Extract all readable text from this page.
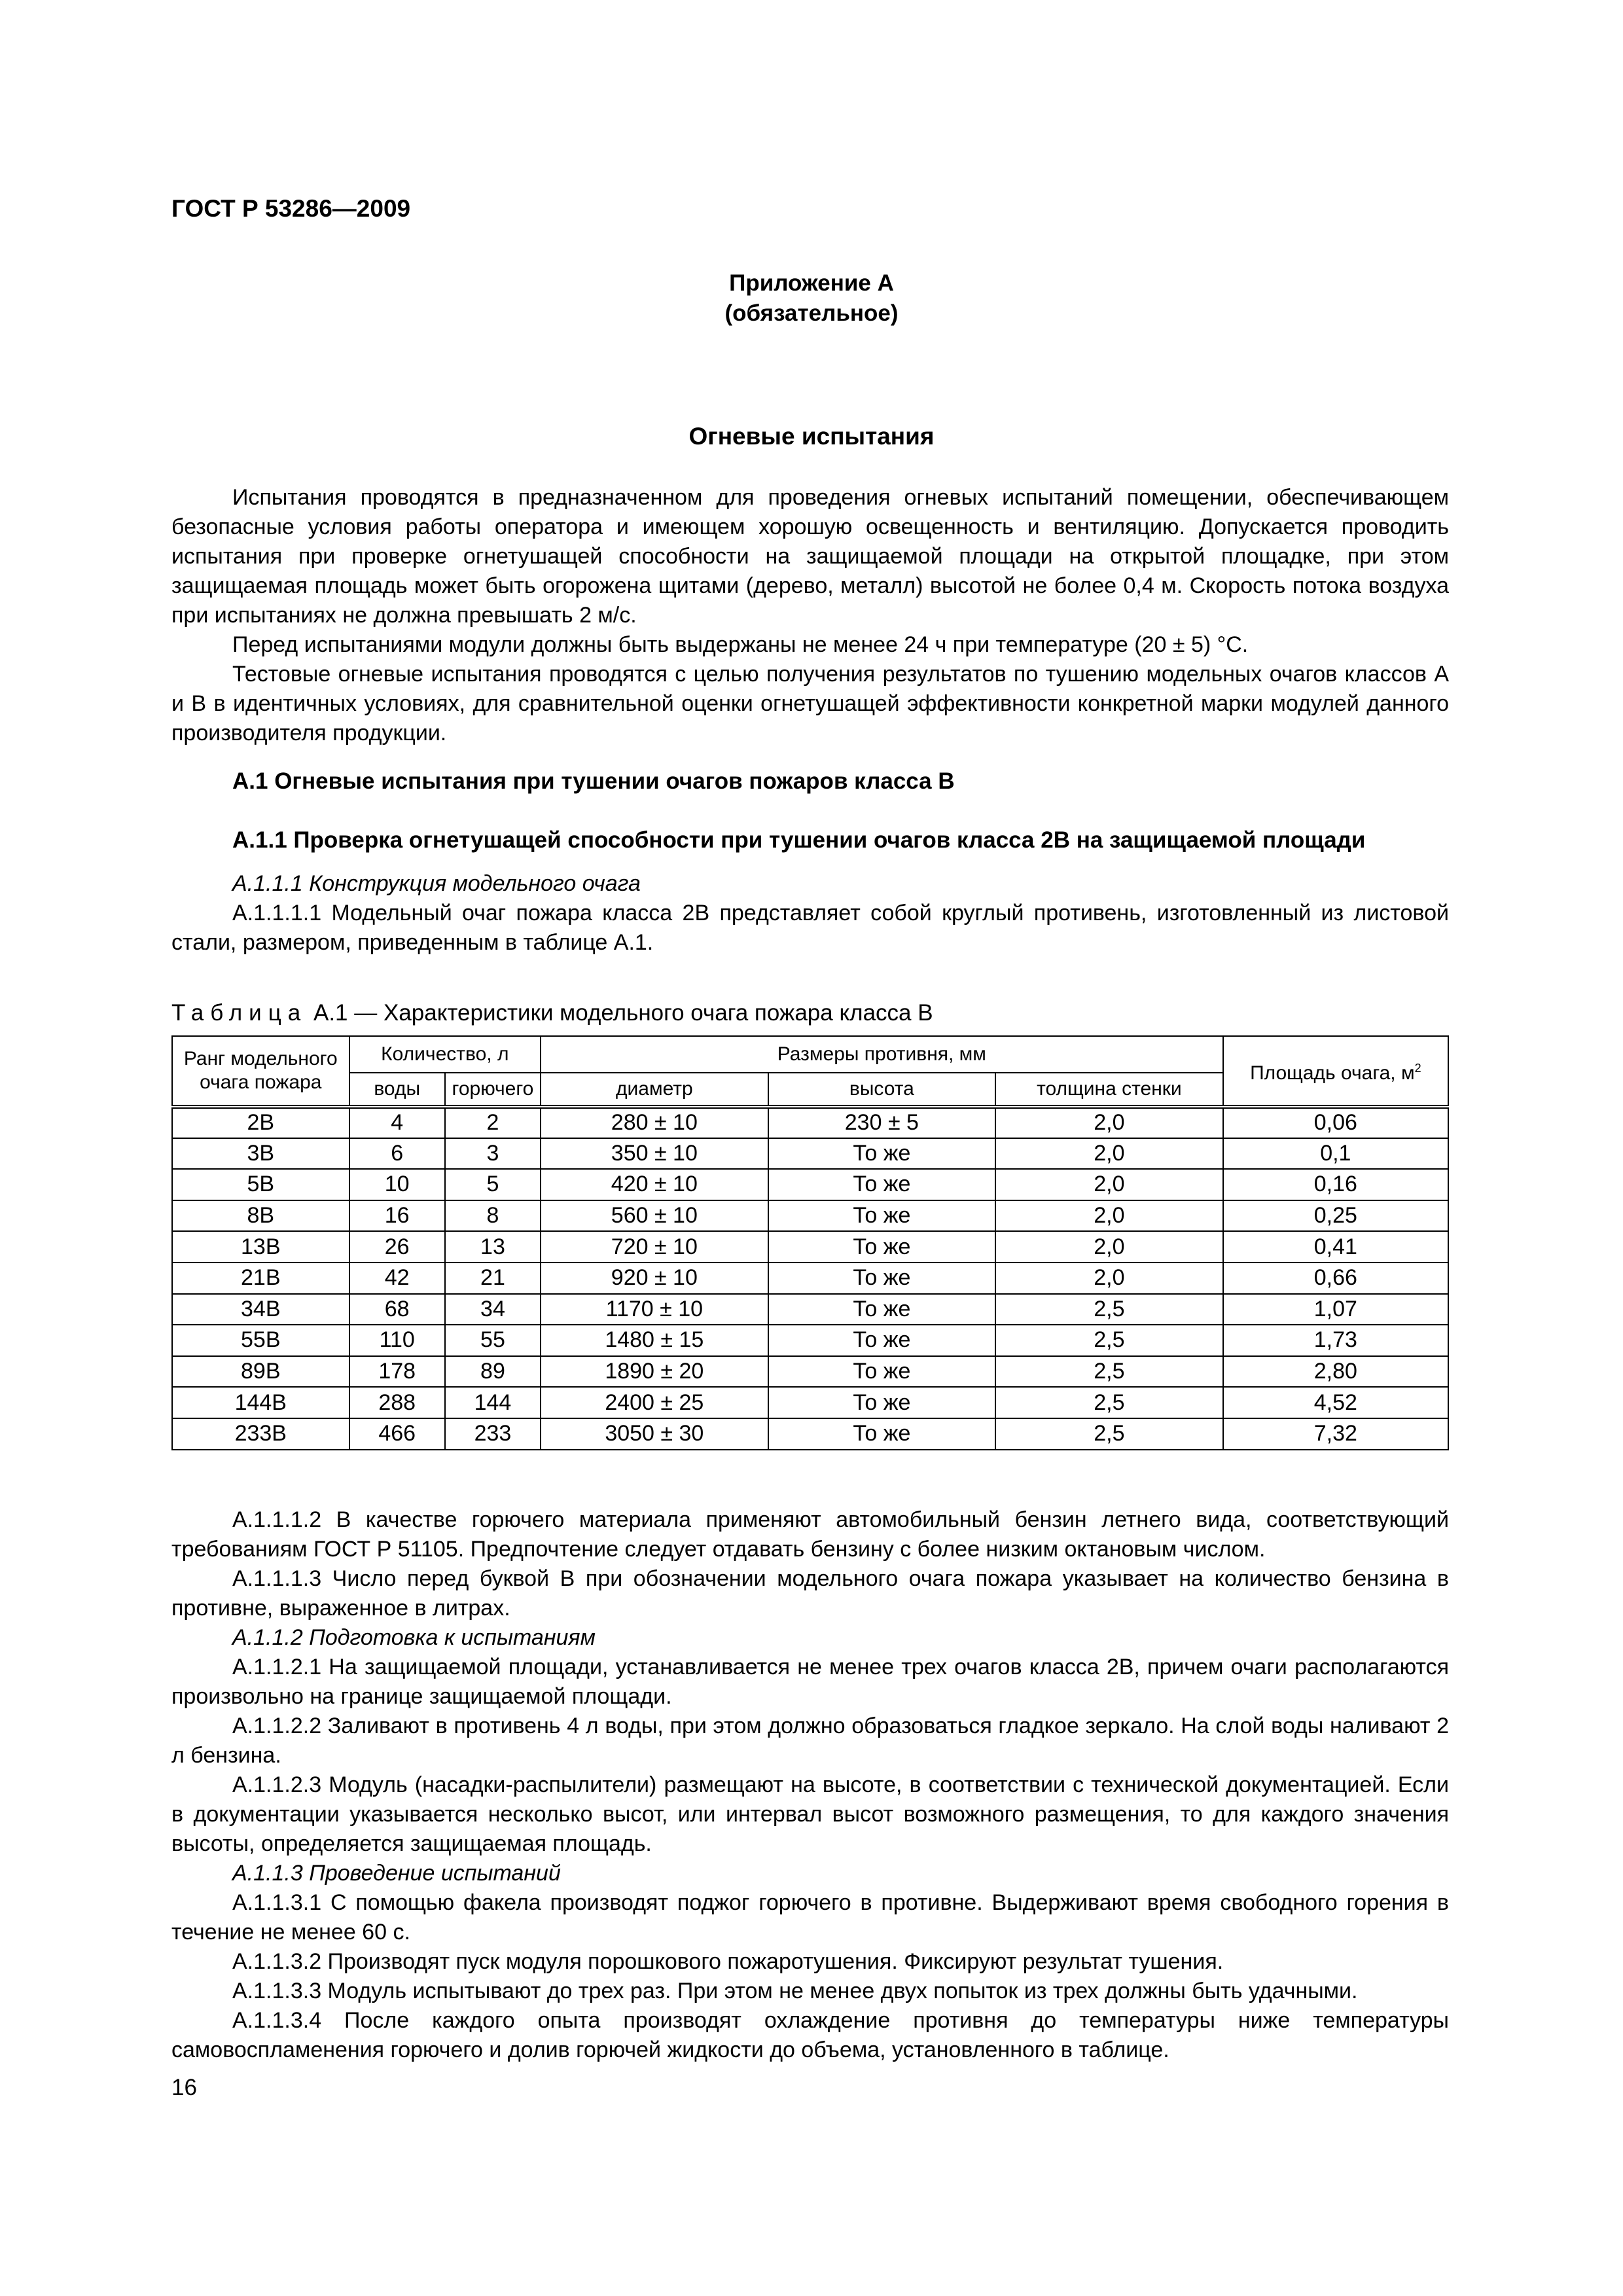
ГОСТ Р 53286—2009
Приложение А
(обязательное)
Огневые испытания

Испытания проводятся в предназначенном для проведения огневых испытаний помещении, обеспечивающем безопасные условия работы оператора и имеющем хорошую освещенность и вентиляцию. Допускается проводить испытания при проверке огнетушащей способности на защищаемой площади на открытой площадке, при этом защищаемая площадь может быть огорожена щитами (дерево, металл) высотой не более 0,4 м. Скорость потока воздуха при испытаниях не должна превышать 2 м/с.

Перед испытаниями модули должны быть выдержаны не менее 24 ч при температуре (20 ± 5) °С.

Тестовые огневые испытания проводятся с целью получения результатов по тушению модельных очагов классов А и В в идентичных условиях, для сравнительной оценки огнетушащей эффективности конкретной марки модулей данного производителя продукции.

А.1 Огневые испытания при тушении очагов пожаров класса В
А.1.1 Проверка огнетушащей способности при тушении очагов класса 2В на защищаемой площади

А.1.1.1 Конструкция модельного очага

А.1.1.1.1 Модельный очаг пожара класса 2В представляет собой круглый противень, изготовленный из листовой стали, размером, приведенным в таблице А.1.

Таблица А.1 — Характеристики модельного очага пожара класса В
Ранг модельного очага пожара	Количество, л		Размеры противня, мм			Площадь очага, $м^2$
	воды	горючего	диаметр	высота	толщина стенки	
2В	4	2	280 ± 10	230 ± 5	2,0	0,06
3В	6	3	350 ± 10	То же	2,0	0,1
5В	10	5	420 ± 10	То же	2,0	0,16
8В	16	8	560 ± 10	То же	2,0	0,25
13В	26	13	720 ± 10	То же	2,0	0,41
21В	42	21	920 ± 10	То же	2,0	0,66
34В	68	34	1170 ± 10	То же	2,5	1,07
55В	110	55	1480 ± 15	То же	2,5	1,73
89В	178	89	1890 ± 20	То же	2,5	2,80
144В	288	144	2400 ± 25	То же	2,5	4,52
233В	466	233	3050 ± 30	То же	2,5	7,32

А.1.1.1.2 В качестве горючего материала применяют автомобильный бензин летнего вида, соответствующий требованиям ГОСТ Р 51105. Предпочтение следует отдавать бензину с более низким октановым числом.

А.1.1.1.3 Число перед буквой В при обозначении модельного очага пожара указывает на количество бензина в противне, выраженное в литрах.

А.1.1.2 Подготовка к испытаниям

А.1.1.2.1 На защищаемой площади, устанавливается не менее трех очагов класса 2В, причем очаги располагаются произвольно на границе защищаемой площади.

А.1.1.2.2 Заливают в противень 4 л воды, при этом должно образоваться гладкое зеркало. На слой воды наливают 2 л бензина.

А.1.1.2.3 Модуль (насадки-распылители) размещают на высоте, в соответствии с технической документацией. Если в документации указывается несколько высот, или интервал высот возможного размещения, то для каждого значения высоты, определяется защищаемая площадь.

А.1.1.3 Проведение испытаний

А.1.1.3.1 С помощью факела производят поджог горючего в противне. Выдерживают время свободного горения в течение не менее 60 с.

А.1.1.3.2 Производят пуск модуля порошкового пожаротушения. Фиксируют результат тушения.

А.1.1.3.3 Модуль испытывают до трех раз. При этом не менее двух попыток из трех должны быть удачными.

А.1.1.3.4 После каждого опыта производят охлаждение противня до температуры ниже температуры самовоспламенения горючего и долив горючей жидкости до объема, установленного в таблице.

16
